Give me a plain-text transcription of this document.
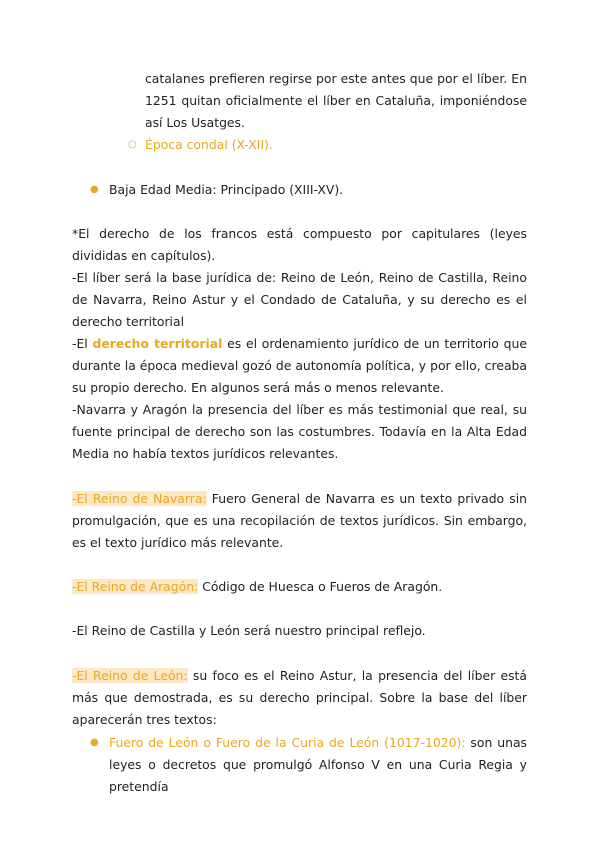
catalanes prefieren regirse por este antes que por el líber. En 1251 quitan oficialmente el líber en Cataluña, imponiéndose así Los Usatges.
○ Época condal (X-XII).
● Baja Edad Media: Principado (XIII-XV).
*El derecho de los francos está compuesto por capitulares (leyes divididas en capítulos).
-El líber será la base jurídica de: Reino de León, Reino de Castilla, Reino de Navarra, Reino Astur y el Condado de Cataluña, y su derecho es el derecho territorial
-El derecho territorial es el ordenamiento jurídico de un territorio que durante la época medieval gozó de autonomía política, y por ello, creaba su propio derecho. En algunos será más o menos relevante.
-Navarra y Aragón la presencia del líber es más testimonial que real, su fuente principal de derecho son las costumbres. Todavía en la Alta Edad Media no había textos jurídicos relevantes.
-El Reino de Navarra: Fuero General de Navarra es un texto privado sin promulgación, que es una recopilación de textos jurídicos. Sin embargo, es el texto jurídico más relevante.
-El Reino de Aragón: Código de Huesca o Fueros de Aragón.
-El Reino de Castilla y León será nuestro principal reflejo.
-El Reino de León: su foco es el Reino Astur, la presencia del líber está más que demostrada, es su derecho principal. Sobre la base del líber aparecerán tres textos:
● Fuero de León o Fuero de la Curia de León (1017-1020): son unas leyes o decretos que promulgó Alfonso V en una Curia Regia y pretendía
